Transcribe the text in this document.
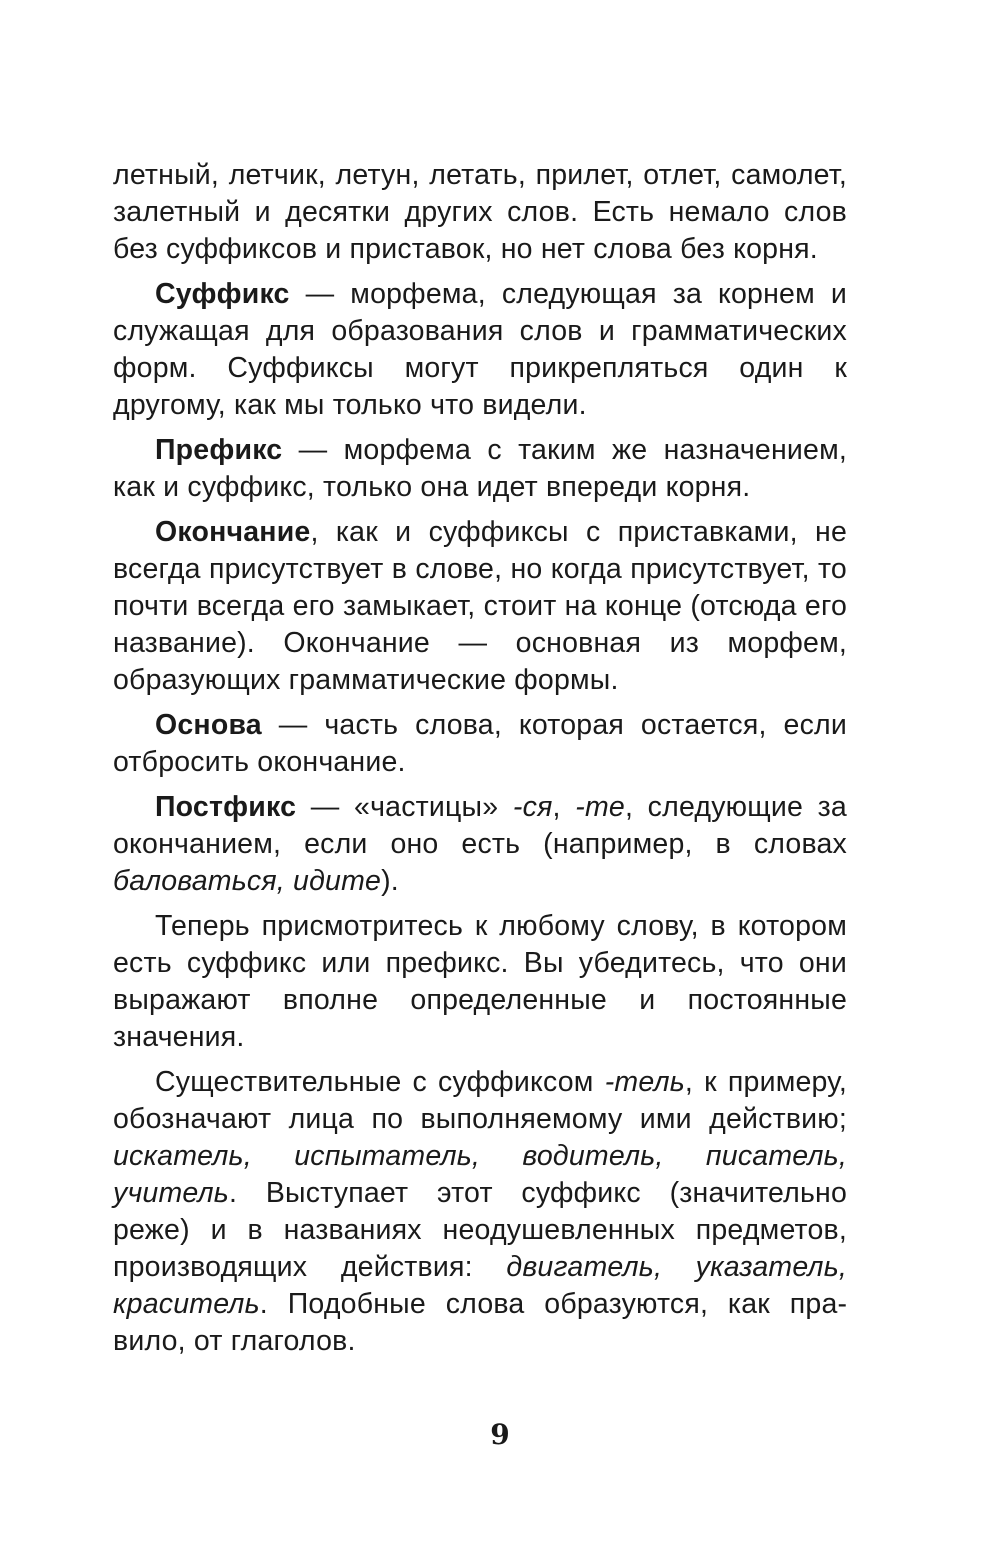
летный, летчик, летун, летать, прилет, отлет, самолет, залетный и десятки других слов. Есть немало слов без суффиксов и приставок, но нет слова без корня.

Суффикс — морфема, следующая за корнем и служащая для образования слов и грамматических форм. Суффиксы могут прикрепляться один к другому, как мы только что видели.

Префикс — морфема с таким же назначением, как и суффикс, только она идет впереди корня.

Окончание, как и суффиксы с приставками, не всегда присутствует в слове, но когда присутствует, то почти всегда его замыкает, стоит на конце (отсюда его название). Окончание — основная из морфем, образующих грамматические формы.

Основа — часть слова, которая остается, если отбросить окончание.

Постфикс — «частицы» -ся, -те, следующие за окончанием, если оно есть (например, в словах баловаться, идите).

Теперь присмотритесь к любому слову, в котором есть суффикс или префикс. Вы убедитесь, что они выражают вполне определенные и постоянные значения.

Существительные с суффиксом -тель, к примеру, обозначают лица по выполняемому ими действию; искатель, испытатель, водитель, писатель, учитель. Выступает этот суффикс (значительно реже) и в названиях неодушевленных предметов, производящих действия: двигатель, указатель, краситель. Подобные слова образуются, как правило, от глаголов.

9
